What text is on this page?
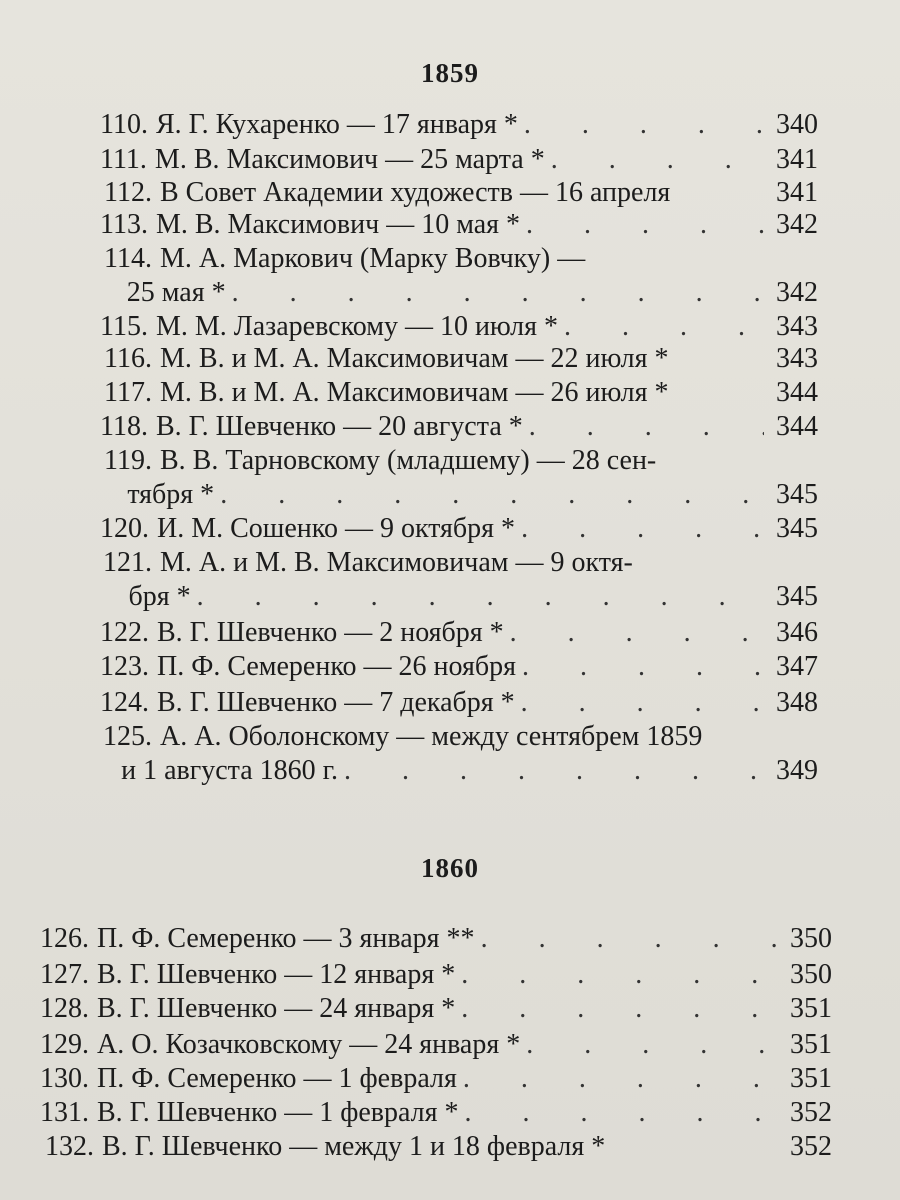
1859
110. Я. Г. Кухаренко — 17 января * . . .	340
111. М. В. Максимович — 25 марта * . . .	341
112. В Совет Академии художеств — 16 апреля	341
113. М. В. Максимович — 10 мая * . . .	342
114. М. А. Маркович (Марку Вовчку) —
25 мая * . . .	342
115. М. М. Лазаревскому — 10 июля * . . .	343
116. М. В. и М. А. Максимовичам — 22 июля *	343
117. М. В. и М. А. Максимовичам — 26 июля *	344
118. В. Г. Шевченко — 20 августа * . . .	344
119. В. В. Тарновскому (младшему) — 28 сен-
тября * . . .	345
120. И. М. Сошенко — 9 октября * . . .	345
121. М. А. и М. В. Максимовичам — 9 октя-
бря * . . .	345
122. В. Г. Шевченко — 2 ноября * . . .	346
123. П. Ф. Семеренко — 26 ноября . . .	347
124. В. Г. Шевченко — 7 декабря * . . .	348
125. А. А. Оболонскому — между сентябрем 1859
и 1 августа 1860 г. . . .	349
1860
126. П. Ф. Семеренко — 3 января ** . . .	350
127. В. Г. Шевченко — 12 января * . . .	350
128. В. Г. Шевченко — 24 января * . . .	351
129. А. О. Козачковскому — 24 января * . . .	351
130. П. Ф. Семеренко — 1 февраля . . .	351
131. В. Г. Шевченко — 1 февраля * . . .	352
132. В. Г. Шевченко — между 1 и 18 февраля *	352
